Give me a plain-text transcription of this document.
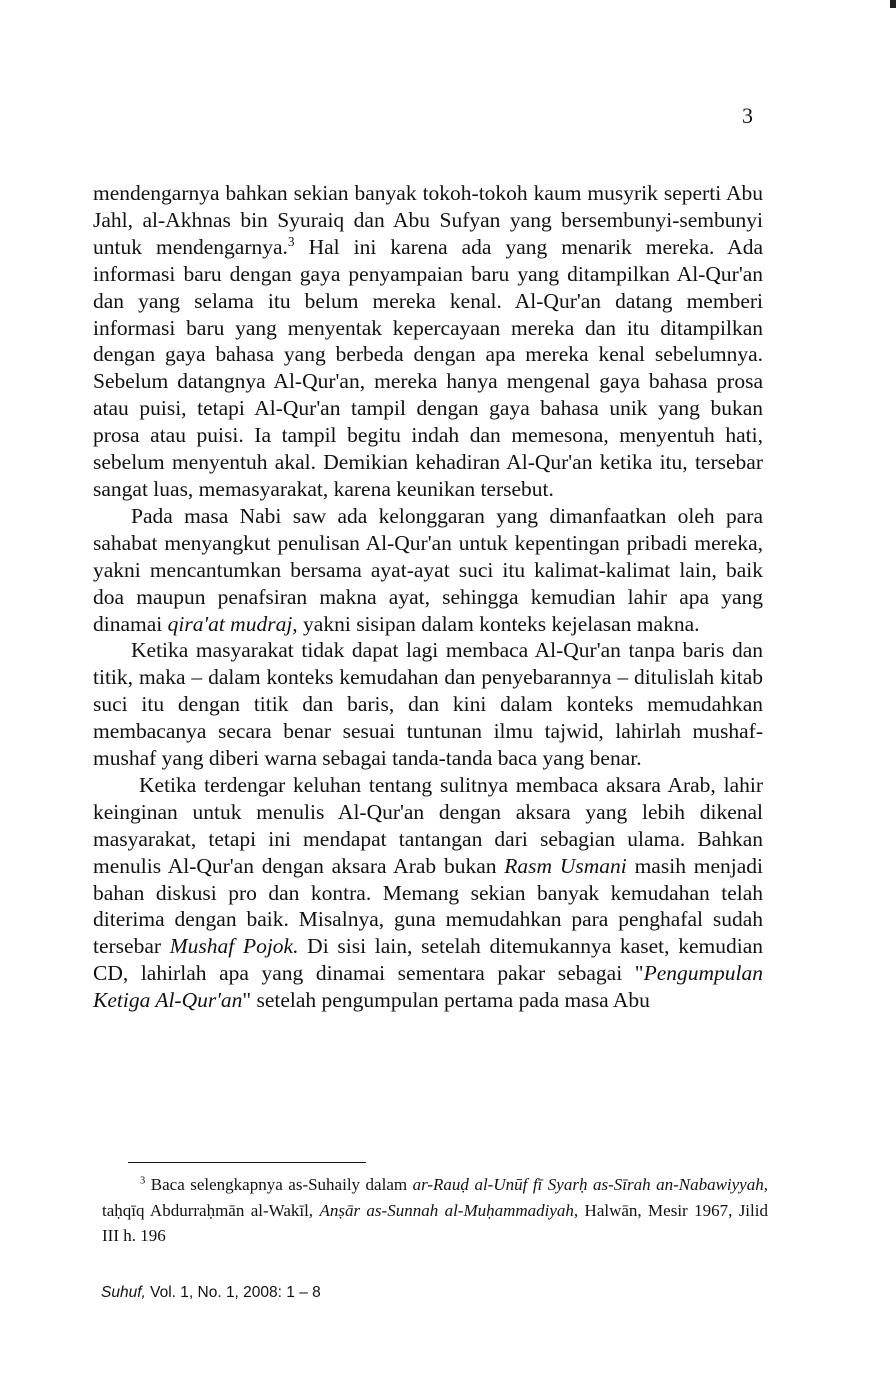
3

mendengarnya bahkan sekian banyak tokoh-tokoh kaum musyrik seperti Abu Jahl, al-Akhnas bin Syuraiq dan Abu Sufyan yang bersembunyi-sembunyi untuk mendengarnya.$^3$ Hal ini karena ada yang menarik mereka. Ada informasi baru dengan gaya penyampaian baru yang ditampilkan Al-Qur'an dan yang selama itu belum mereka kenal. Al-Qur'an datang memberi informasi baru yang menyentak kepercayaan mereka dan itu ditampilkan dengan gaya bahasa yang berbeda dengan apa mereka kenal sebelumnya. Sebelum datangnya Al-Qur'an, mereka hanya mengenal gaya bahasa prosa atau puisi, tetapi Al-Qur'an tampil dengan gaya bahasa unik yang bukan prosa atau puisi. Ia tampil begitu indah dan memesona, menyentuh hati, sebelum menyentuh akal. Demikian kehadiran Al-Qur'an ketika itu, tersebar sangat luas, memasyarakat, karena keunikan tersebut.

Pada masa Nabi saw ada kelonggaran yang dimanfaatkan oleh para sahabat menyangkut penulisan Al-Qur'an untuk kepentingan pribadi mereka, yakni mencantumkan bersama ayat-ayat suci itu kalimat-kalimat lain, baik doa maupun penafsiran makna ayat, sehingga kemudian lahir apa yang dinamai qira'at mudraj, yakni sisipan dalam konteks kejelasan makna.

Ketika masyarakat tidak dapat lagi membaca Al-Qur'an tanpa baris dan titik, maka – dalam konteks kemudahan dan penyebarannya – ditulislah kitab suci itu dengan titik dan baris, dan kini dalam konteks memudahkan membacanya secara benar sesuai tuntunan ilmu tajwid, lahirlah mushaf-mushaf yang diberi warna sebagai tanda-tanda baca yang benar.

Ketika terdengar keluhan tentang sulitnya membaca aksara Arab, lahir keinginan untuk menulis Al-Qur'an dengan aksara yang lebih dikenal masyarakat, tetapi ini mendapat tantangan dari sebagian ulama. Bahkan menulis Al-Qur'an dengan aksara Arab bukan Rasm Usmani masih menjadi bahan diskusi pro dan kontra. Memang sekian banyak kemudahan telah diterima dengan baik. Misalnya, guna memudahkan para penghafal sudah tersebar Mushaf Pojok. Di sisi lain, setelah ditemukannya kaset, kemudian CD, lahirlah apa yang dinamai sementara pakar sebagai "Pengumpulan Ketiga Al-Qur'an" setelah pengumpulan pertama pada masa Abu

$^3$ Baca selengkapnya as-Suhaily dalam ar-Rauḍ al-Unūf fī Syarḥ as-Sīrah an-Nabawiyyah, taḥqīq Abdurraḥmān al-Wakīl, Anṣār as-Sunnah al-Muḥammadiyah, Halwān, Mesir 1967, Jilid III h. 196
Suhuf, Vol. 1, No. 1, 2008: 1 – 8
